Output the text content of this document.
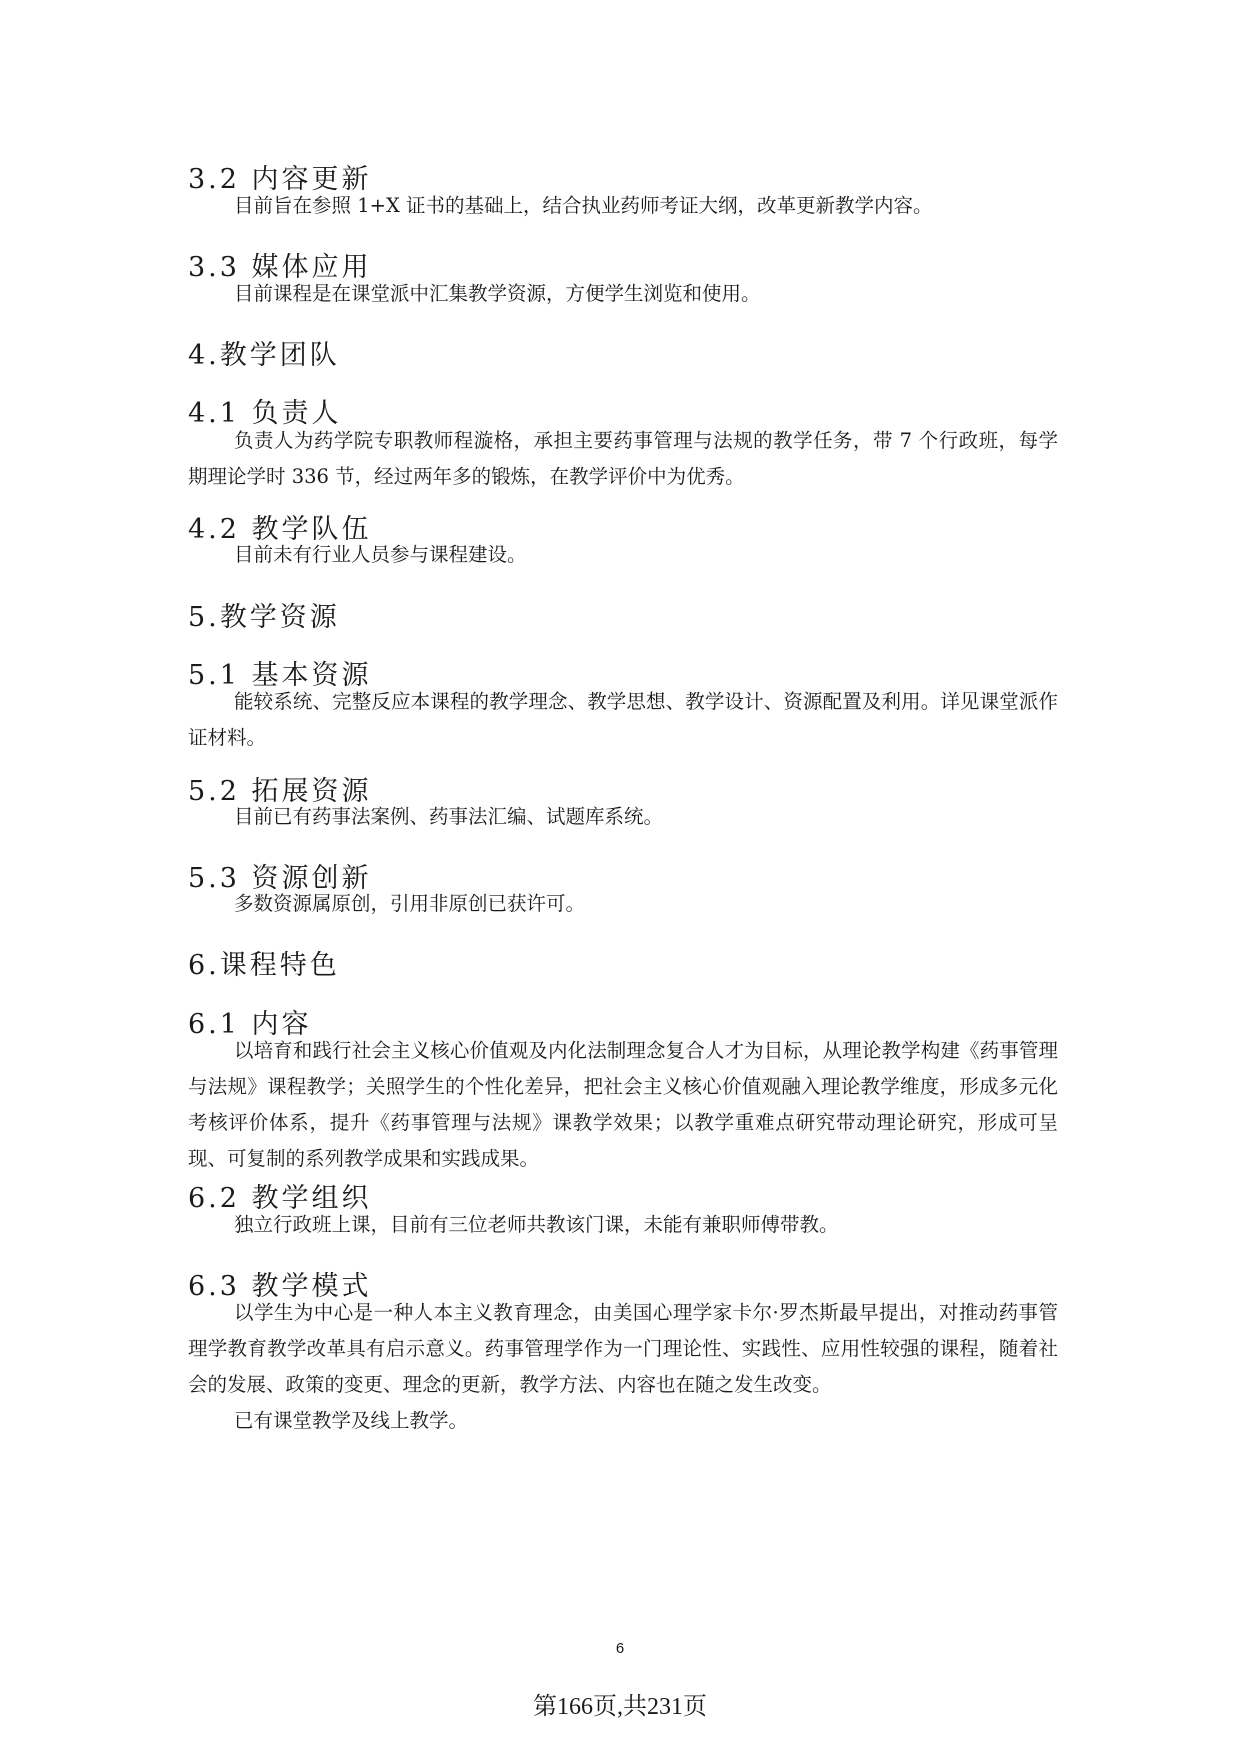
3.2 内容更新

目前旨在参照 1+X 证书的基础上，结合执业药师考证大纲，改革更新教学内容。

3.3 媒体应用

目前课程是在课堂派中汇集教学资源，方便学生浏览和使用。

4.教学团队
4.1 负责人

负责人为药学院专职教师程漩格，承担主要药事管理与法规的教学任务，带 7 个行政班，每学期理论学时 336 节，经过两年多的锻炼，在教学评价中为优秀。

4.2 教学队伍

目前未有行业人员参与课程建设。

5.教学资源
5.1 基本资源

能较系统、完整反应本课程的教学理念、教学思想、教学设计、资源配置及利用。详见课堂派作证材料。

5.2 拓展资源

目前已有药事法案例、药事法汇编、试题库系统。

5.3 资源创新

多数资源属原创，引用非原创已获许可。

6.课程特色
6.1 内容

以培育和践行社会主义核心价值观及内化法制理念复合人才为目标，从理论教学构建《药事管理与法规》课程教学；关照学生的个性化差异，把社会主义核心价值观融入理论教学维度，形成多元化考核评价体系，提升《药事管理与法规》课教学效果；以教学重难点研究带动理论研究，形成可呈现、可复制的系列教学成果和实践成果。

6.2 教学组织

独立行政班上课，目前有三位老师共教该门课，未能有兼职师傅带教。

6.3 教学模式

以学生为中心是一种人本主义教育理念，由美国心理学家卡尔·罗杰斯最早提出，对推动药事管理学教育教学改革具有启示意义。药事管理学作为一门理论性、实践性、应用性较强的课程，随着社会的发展、政策的变更、理念的更新，教学方法、内容也在随之发生改变。

已有课堂教学及线上教学。

6
第166页,共231页
